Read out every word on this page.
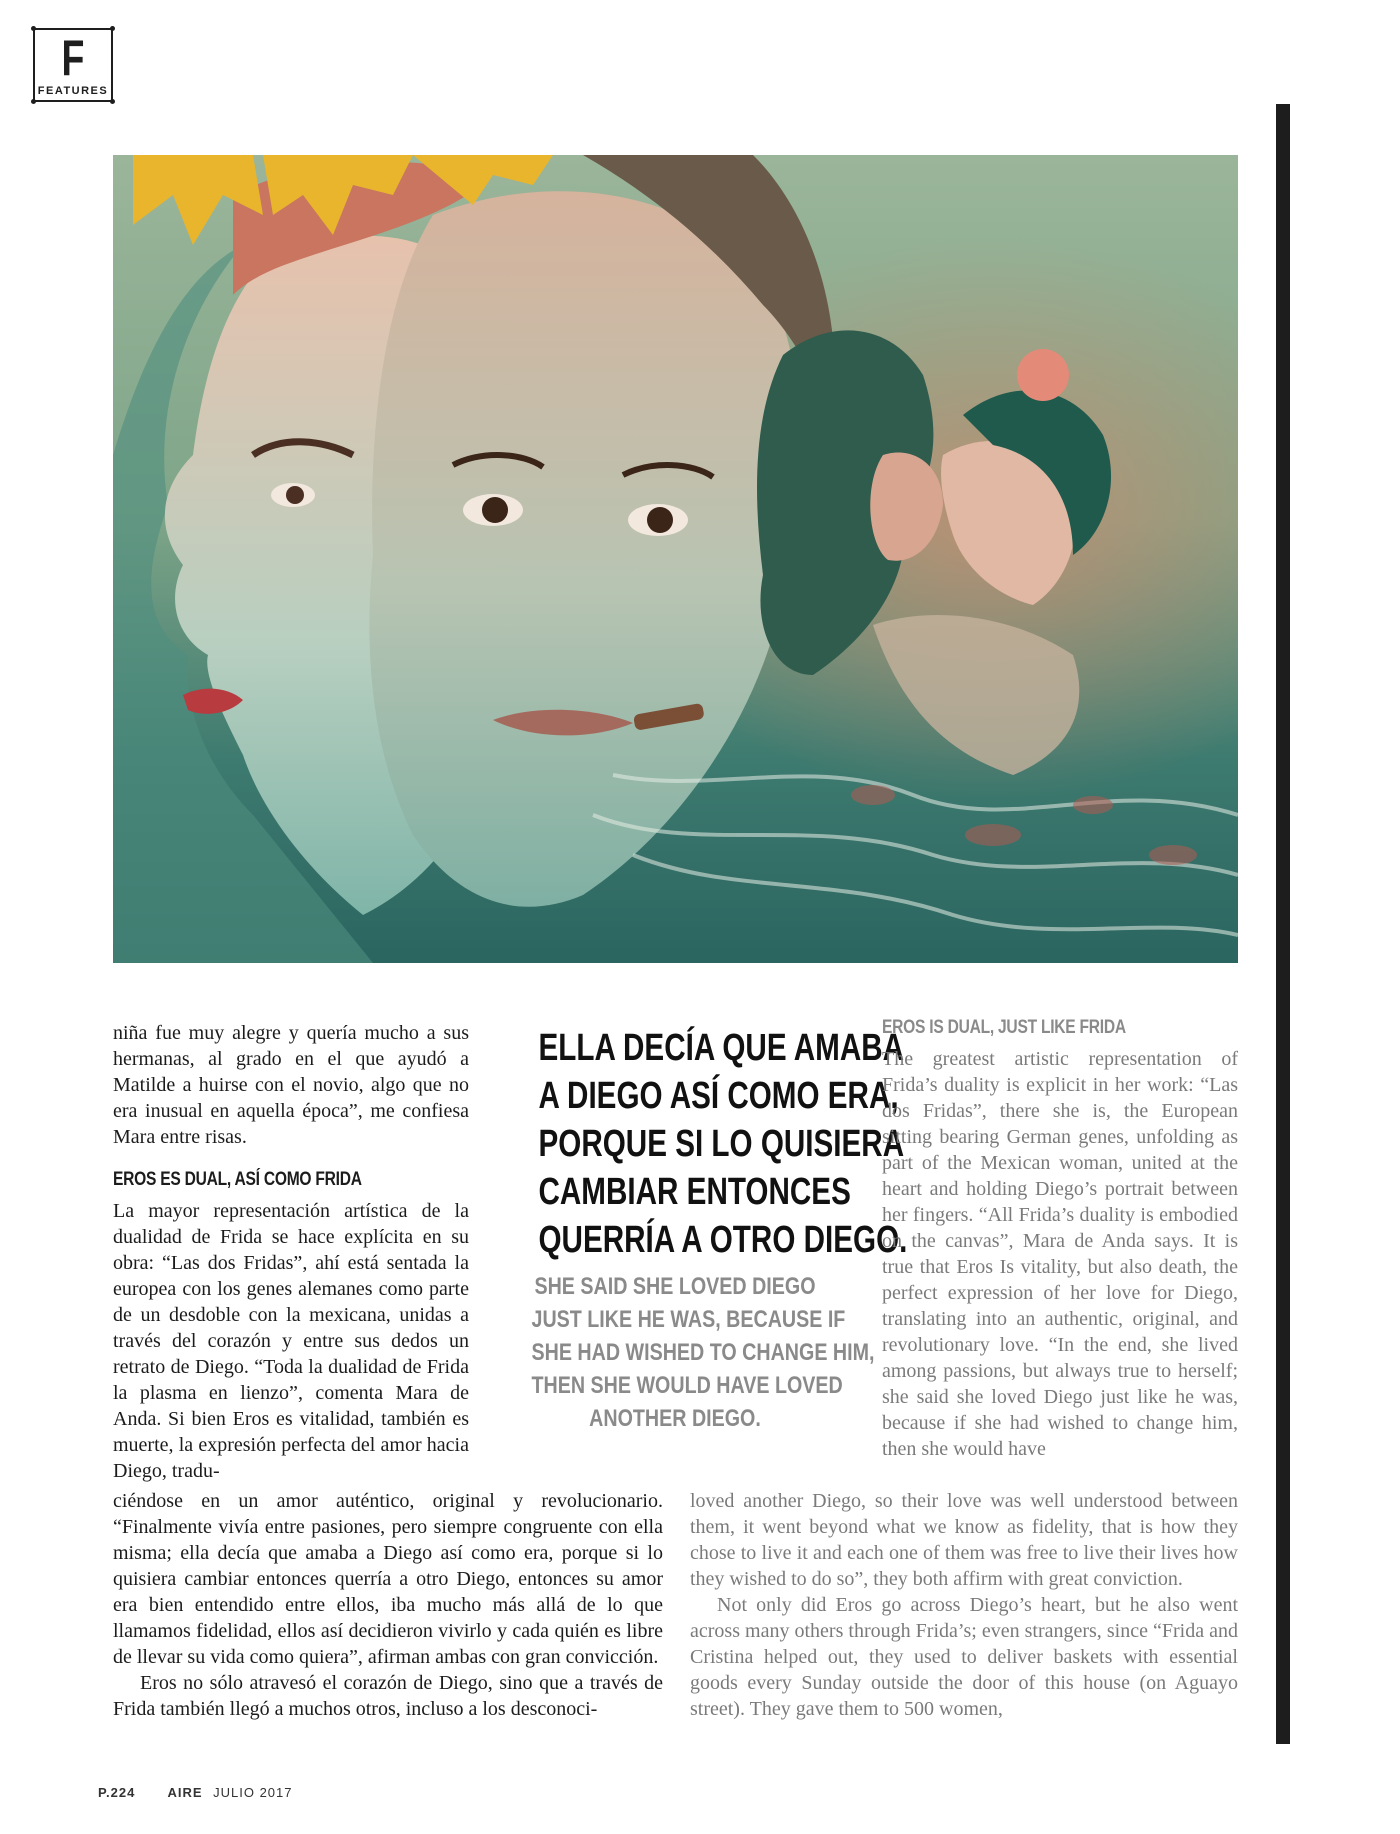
F
FEATURES

niña fue muy alegre y quería mucho a sus hermanas, al grado en el que ayudó a Matilde a huirse con el novio, algo que no era inusual en aquella época”, me confiesa Mara entre risas.

EROS ES DUAL, ASÍ COMO FRIDA

La mayor representación artística de la dualidad de Frida se hace explícita en su obra: “Las dos Fridas”, ahí está sentada la europea con los genes alemanes como parte de un desdoble con la mexicana, unidas a través del corazón y entre sus dedos un retrato de Diego. “Toda la dualidad de Frida la plasma en lienzo”, comenta Mara de Anda. Si bien Eros es vitalidad, también es muerte, la expresión perfecta del amor hacia Diego, tradu-

ELLA DECÍA QUE AMABA
A DIEGO ASÍ COMO ERA,
PORQUE SI LO QUISIERA
CAMBIAR ENTONCES
QUERRÍA A OTRO DIEGO.
SHE SAID SHE LOVED DIEGO
JUST LIKE HE WAS, BECAUSE IF
SHE HAD WISHED TO CHANGE HIM,
THEN SHE WOULD HAVE LOVED
ANOTHER DIEGO.
EROS IS DUAL, JUST LIKE FRIDA

The greatest artistic representation of Frida’s duality is explicit in her work: “Las dos Fridas”, there she is, the European sitting bearing German genes, unfolding as part of the Mexican woman, united at the heart and holding Diego’s portrait between her fingers. “All Frida’s duality is embodied on the canvas”, Mara de Anda says. It is true that Eros Is vitality, but also death, the perfect expression of her love for Diego, translating into an authentic, original, and revolutionary love. “In the end, she lived among passions, but always true to herself; she said she loved Diego just like he was, because if she had wished to change him, then she would have

ciéndose en un amor auténtico, original y revolucionario. “Finalmente vivía entre pasiones, pero siempre congruente con ella misma; ella decía que amaba a Diego así como era, porque si lo quisiera cambiar entonces querría a otro Diego, entonces su amor era bien entendido entre ellos, iba mucho más allá de lo que llamamos fidelidad, ellos así decidieron vivirlo y cada quién es libre de llevar su vida como quiera”, afirman ambas con gran convicción.

Eros no sólo atravesó el corazón de Diego, sino que a través de Frida también llegó a muchos otros, incluso a los desconoci-

loved another Diego, so their love was well understood between them, it went beyond what we know as fidelity, that is how they chose to live it and each one of them was free to live their lives how they wished to do so”, they both affirm with great conviction.

Not only did Eros go across Diego’s heart, but he also went across many others through Frida’s; even strangers, since “Frida and Cristina helped out, they used to deliver baskets with essential goods every Sunday outside the door of this house (on Aguayo street). They gave them to 500 women,

P.224 AIRE JULIO 2017
